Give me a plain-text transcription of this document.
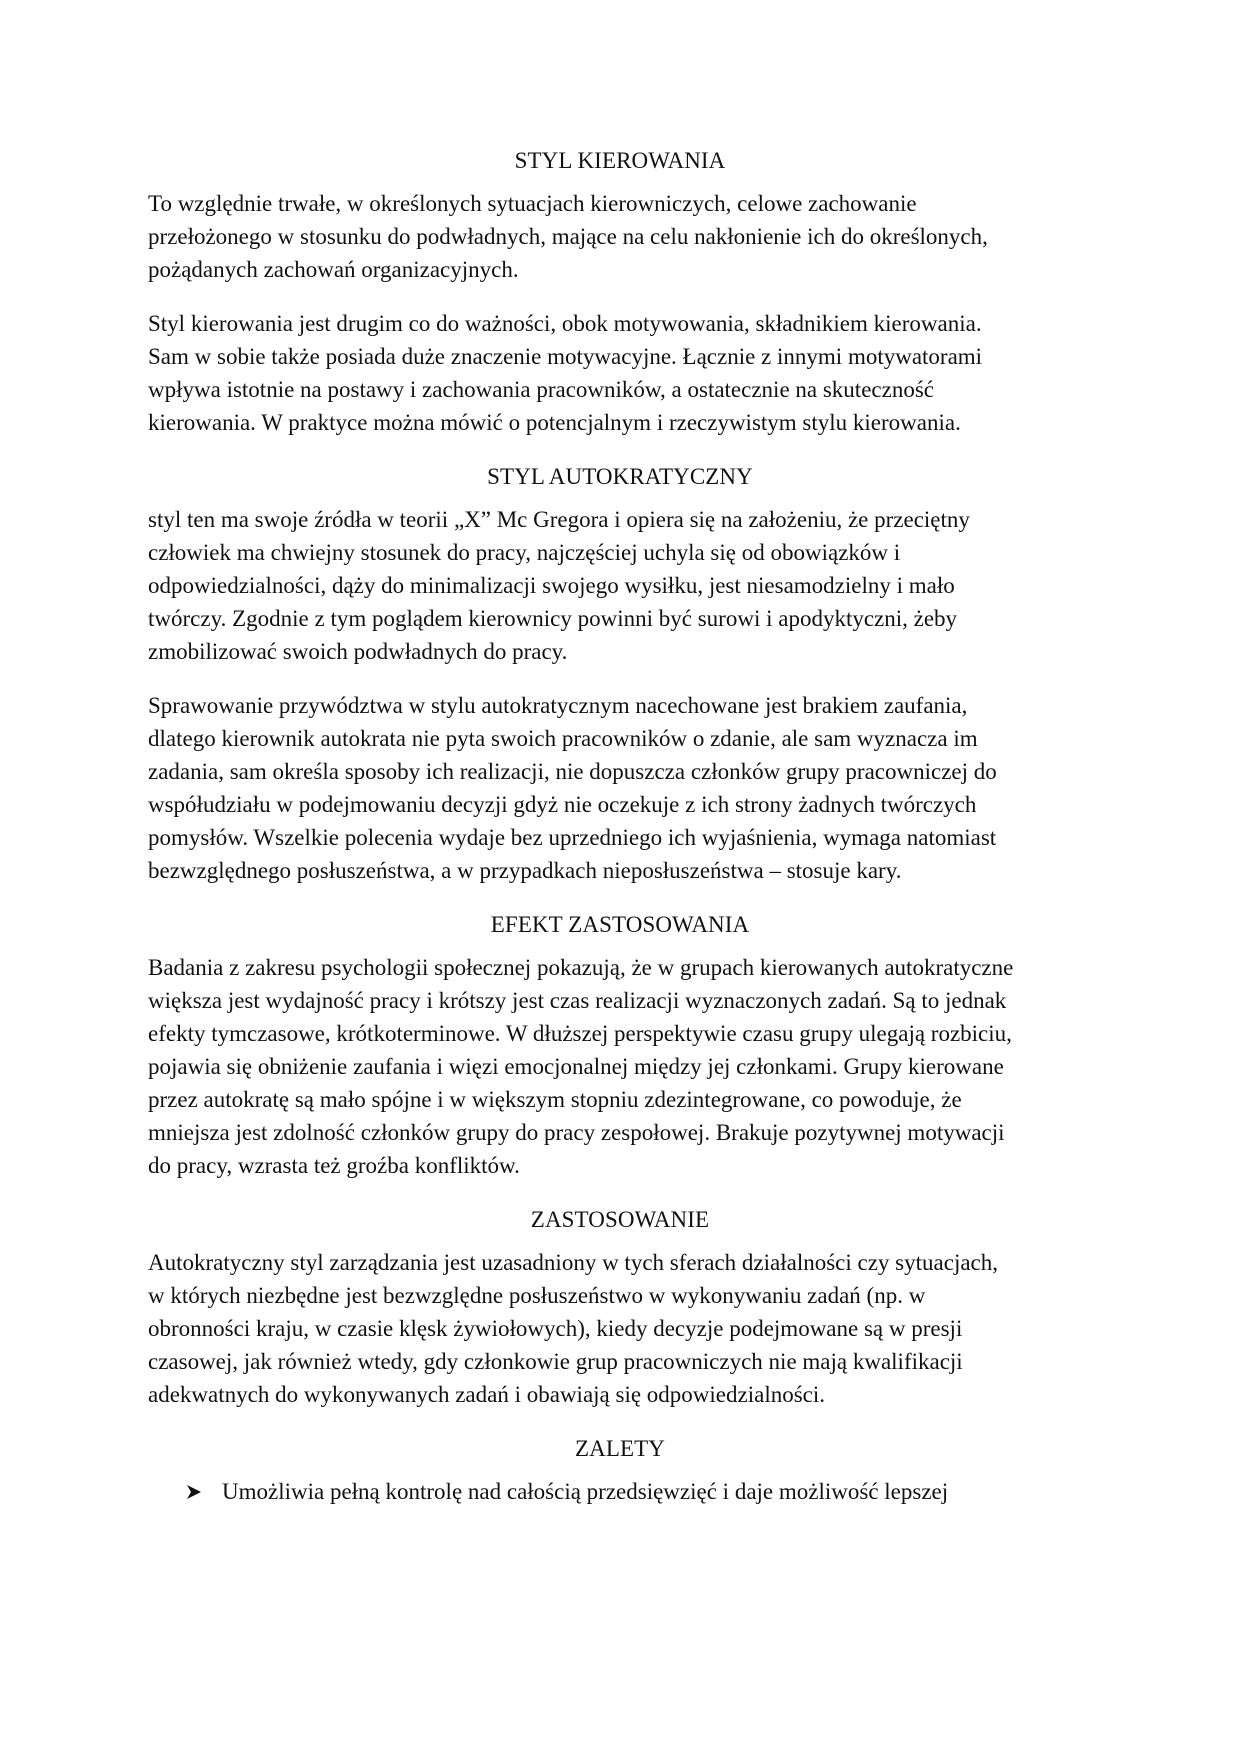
STYL KIEROWANIA

To względnie trwałe, w określonych sytuacjach kierowniczych, celowe zachowanie
przełożonego w stosunku do podwładnych, mające na celu nakłonienie ich do określonych,
pożądanych zachowań organizacyjnych.

Styl kierowania jest drugim co do ważności, obok motywowania, składnikiem kierowania.
Sam w sobie także posiada duże znaczenie motywacyjne. Łącznie z innymi motywatorami
wpływa istotnie na postawy i zachowania pracowników, a ostatecznie na skuteczność
kierowania. W praktyce można mówić o potencjalnym i rzeczywistym stylu kierowania.

STYL AUTOKRATYCZNY

styl ten ma swoje źródła w teorii „X” Mc Gregora i opiera się na założeniu, że przeciętny
człowiek ma chwiejny stosunek do pracy, najczęściej uchyla się od obowiązków i
odpowiedzialności, dąży do minimalizacji swojego wysiłku, jest niesamodzielny i mało
twórczy. Zgodnie z tym poglądem kierownicy powinni być surowi i apodyktyczni, żeby
zmobilizować swoich podwładnych do pracy.

Sprawowanie przywództwa w stylu autokratycznym nacechowane jest brakiem zaufania,
dlatego kierownik autokrata nie pyta swoich pracowników o zdanie, ale sam wyznacza im
zadania, sam określa sposoby ich realizacji, nie dopuszcza członków grupy pracowniczej do
współudziału w podejmowaniu decyzji gdyż nie oczekuje z ich strony żadnych twórczych
pomysłów. Wszelkie polecenia wydaje bez uprzedniego ich wyjaśnienia, wymaga natomiast
bezwzględnego posłuszeństwa, a w przypadkach nieposłuszeństwa – stosuje kary.

EFEKT ZASTOSOWANIA

Badania z zakresu psychologii społecznej pokazują, że w grupach kierowanych autokratyczne
większa jest wydajność pracy i krótszy jest czas realizacji wyznaczonych zadań. Są to jednak
efekty tymczasowe, krótkoterminowe. W dłuższej perspektywie czasu grupy ulegają rozbiciu,
pojawia się obniżenie zaufania i więzi emocjonalnej między jej członkami. Grupy kierowane
przez autokratę są mało spójne i w większym stopniu zdezintegrowane, co powoduje, że
mniejsza jest zdolność członków grupy do pracy zespołowej. Brakuje pozytywnej motywacji
do pracy, wzrasta też groźba konfliktów.

ZASTOSOWANIE

Autokratyczny styl zarządzania jest uzasadniony w tych sferach działalności czy sytuacjach,
w których niezbędne jest bezwzględne posłuszeństwo w wykonywaniu zadań (np. w
obronności kraju, w czasie klęsk żywiołowych), kiedy decyzje podejmowane są w presji
czasowej, jak również wtedy, gdy członkowie grup pracowniczych nie mają kwalifikacji
adekwatnych do wykonywanych zadań i obawiają się odpowiedzialności.

ZALETY
Umożliwia pełną kontrolę nad całością przedsięwzięć i daje możliwość lepszej
